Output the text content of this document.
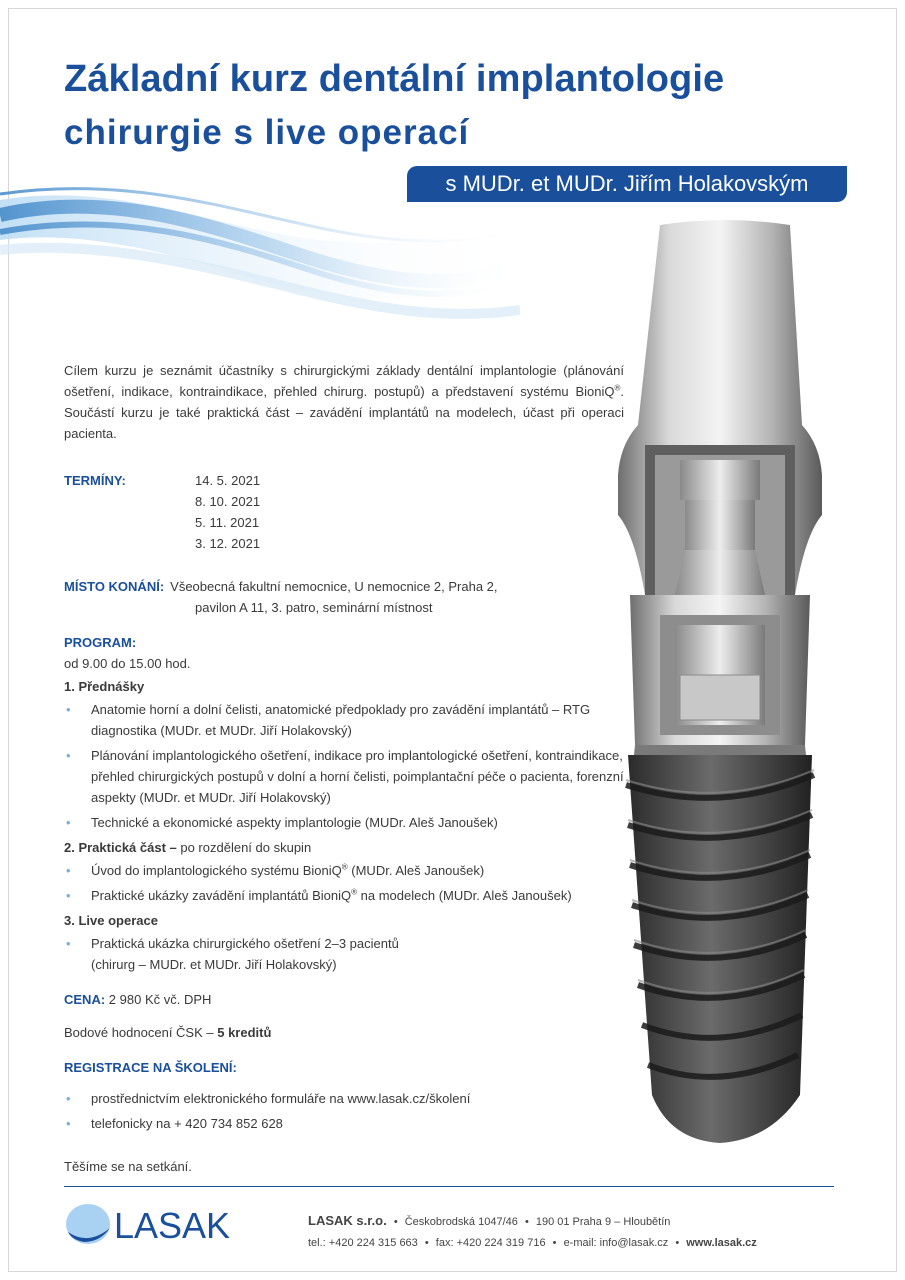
Základní kurz dentální implantologie
chirurgie s live operací
s MUDr. et MUDr. Jiřím Holakovským

Cílem kurzu je seznámit účastníky s chirurgickými základy dentální implantologie (plánování ošetření, indikace, kontraindikace, přehled chirurg. postupů) a představení systému BioniQ®. Součástí kurzu je také praktická část – zavádění implantátů na modelech, účast při operaci pacienta.

TERMÍNY:	14. 5. 2021
8. 10. 2021
5. 11. 2021
3. 12. 2021
MÍSTO KONÁNÍ: Všeobecná fakultní nemocnice, U nemocnice 2, Praha 2,
pavilon A 11, 3. patro, seminární místnost
PROGRAM:
od 9.00 do 15.00 hod.
1. Přednášky
• Anatomie horní a dolní čelisti, anatomické předpoklady pro zavádění implantátů – RTG diagnostika (MUDr. et MUDr. Jiří Holakovský)
• Plánování implantologického ošetření, indikace pro implantologické ošetření, kontraindikace, přehled chirurgických postupů v dolní a horní čelisti, poimplantační péče o pacienta, forenzní aspekty (MUDr. et MUDr. Jiří Holakovský)
• Technické a ekonomické aspekty implantologie (MUDr. Aleš Janoušek)
2. Praktická část – po rozdělení do skupin
• Úvod do implantologického systému BioniQ® (MUDr. Aleš Janoušek)
• Praktické ukázky zavádění implantátů BioniQ® na modelech (MUDr. Aleš Janoušek)
3. Live operace
• Praktická ukázka chirurgického ošetření 2–3 pacientů
(chirurg – MUDr. et MUDr. Jiří Holakovský)
CENA: 2 980 Kč vč. DPH
Bodové hodnocení ČSK – 5 kreditů
REGISTRACE NA ŠKOLENÍ:
• prostřednictvím elektronického formuláře na www.lasak.cz/školení
• telefonicky na + 420 734 852 628
Těšíme se na setkání.
LASAK	LASAK s.r.o. • Českobrodská 1047/46 • 190 01 Praha 9 – Hloubětín
tel.: +420 224 315 663 • fax: +420 224 319 716 • e-mail: info@lasak.cz • www.lasak.cz
